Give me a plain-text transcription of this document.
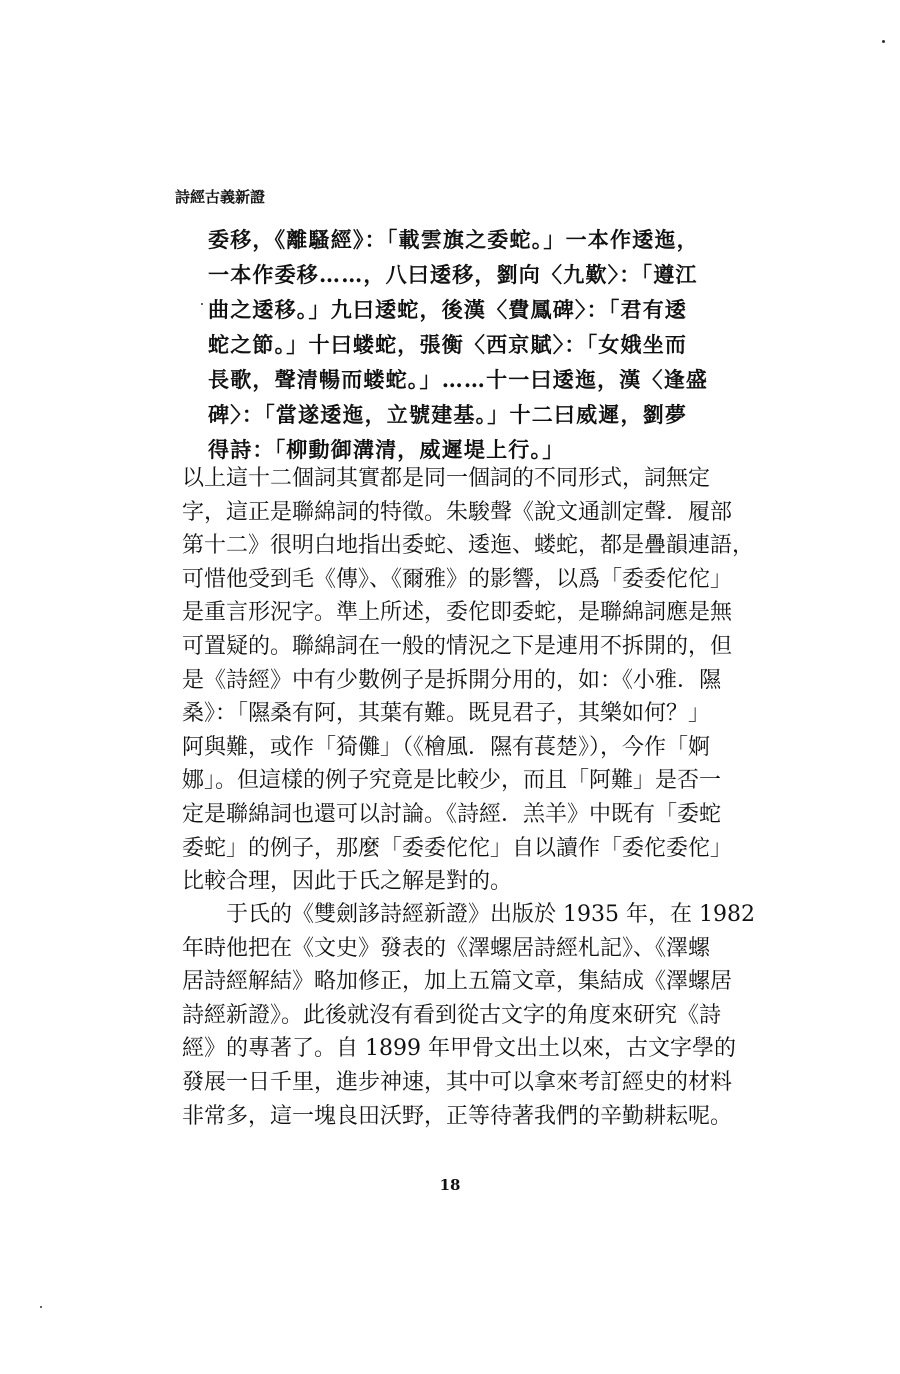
詩經古義新證
委移，《離騷經》：「載雲旗之委蛇。」一本作逶迤，
一本作委移……，八曰逶移，劉向〈九歎〉：「遵江
曲之逶移。」九曰逶蛇，後漢〈費鳳碑〉：「君有逶
蛇之節。」十曰蝼蛇，張衡〈西京賦〉：「女娥坐而
長歌，聲清暢而蝼蛇。」……十一曰逶迤，漢〈逢盛
碑〉：「當遂逶迤，立號建基。」十二曰威遲，劉夢
得詩：「柳動御溝清，威遲堤上行。」
以上這十二個詞其實都是同一個詞的不同形式，詞無定
字，這正是聯綿詞的特徵。朱駿聲《說文通訓定聲．履部
第十二》很明白地指出委蛇、逶迤、蝼蛇，都是疊韻連語，
可惜他受到毛《傳》、《爾雅》的影響，以爲「委委佗佗」
是重言形況字。準上所述，委佗即委蛇，是聯綿詞應是無
可置疑的。聯綿詞在一般的情況之下是連用不拆開的，但
是《詩經》中有少數例子是拆開分用的，如：《小雅．隰
桑》：「隰桑有阿，其葉有難。既見君子，其樂如何？」
阿與難，或作「猗儺」（《檜風．隰有萇楚》），今作「婀
娜」。但這樣的例子究竟是比較少，而且「阿難」是否一
定是聯綿詞也還可以討論。《詩經．羔羊》中既有「委蛇
委蛇」的例子，那麼「委委佗佗」自以讀作「委佗委佗」
比較合理，因此于氏之解是對的。
　　于氏的《雙劍誃詩經新證》出版於 1935 年，在 1982
年時他把在《文史》發表的《澤螺居詩經札記》、《澤螺
居詩經解結》略加修正，加上五篇文章，集結成《澤螺居
詩經新證》。此後就沒有看到從古文字的角度來研究《詩
經》的專著了。自 1899 年甲骨文出土以來，古文字學的
發展一日千里，進步神速，其中可以拿來考訂經史的材料
非常多，這一塊良田沃野，正等待著我們的辛勤耕耘呢。
18
